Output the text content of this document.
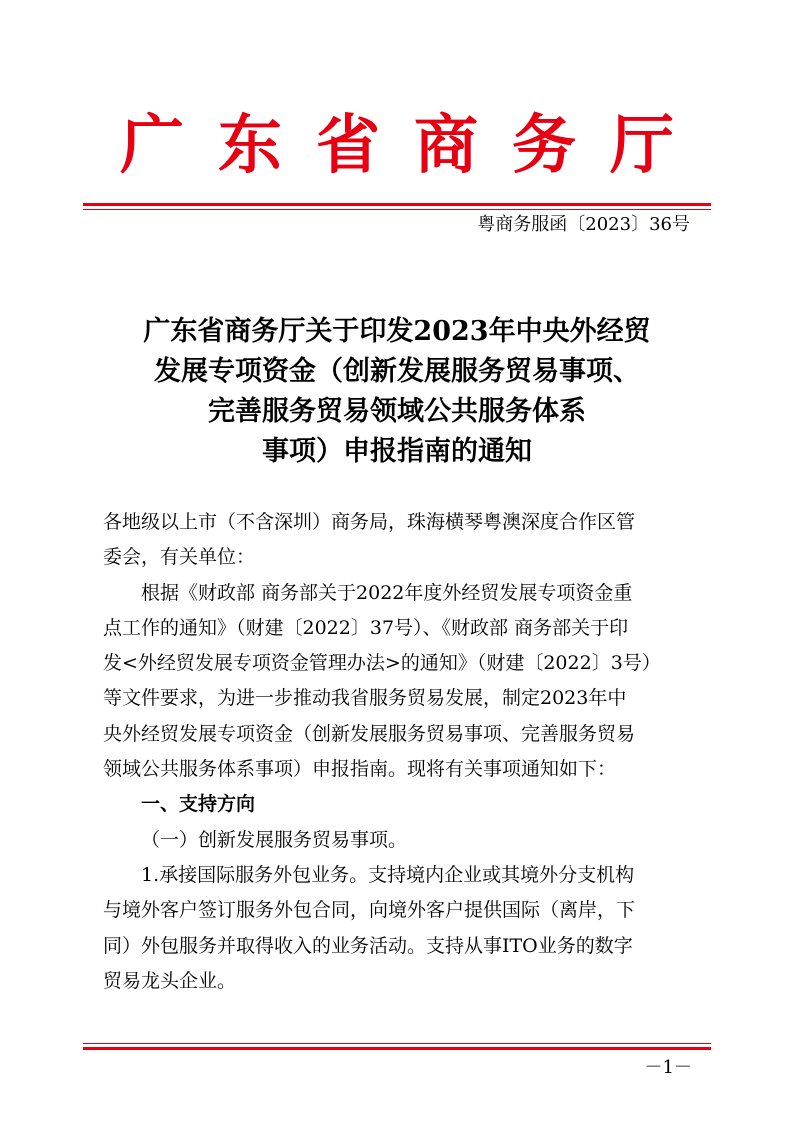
广东省商务厅
粤商务服函〔2023〕36号
广东省商务厅关于印发2023年中央外经贸
发展专项资金（创新发展服务贸易事项、
完善服务贸易领域公共服务体系
事项）申报指南的通知
各地级以上市（不含深圳）商务局，珠海横琴粤澳深度合作区管
委会，有关单位：
根据《财政部 商务部关于2022年度外经贸发展专项资金重
点工作的通知》（财建〔2022〕37号）、《财政部 商务部关于印
发<外经贸发展专项资金管理办法>的通知》（财建〔2022〕3号）
等文件要求，为进一步推动我省服务贸易发展，制定2023年中
央外经贸发展专项资金（创新发展服务贸易事项、完善服务贸易
领域公共服务体系事项）申报指南。现将有关事项通知如下：
一、支持方向
（一）创新发展服务贸易事项。
1.承接国际服务外包业务。支持境内企业或其境外分支机构
与境外客户签订服务外包合同，向境外客户提供国际（离岸，下
同）外包服务并取得收入的业务活动。支持从事ITO业务的数字
贸易龙头企业。
－1－
